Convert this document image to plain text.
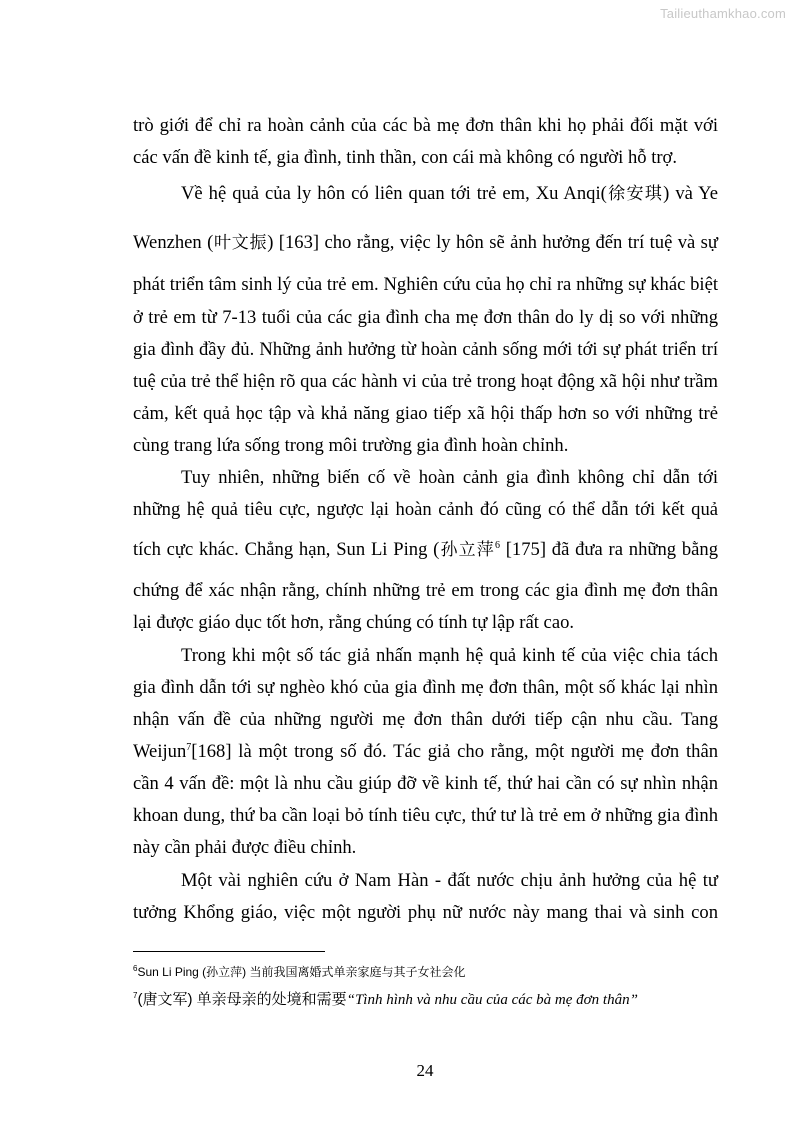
Tailieuthamkhao.com
trò giới để chỉ ra hoàn cảnh của các bà mẹ đơn thân khi họ phải đối mặt với
các vấn đề kinh tế, gia đình, tinh thần, con cái mà không có người hỗ trợ.
Về hệ quả của ly hôn có liên quan tới trẻ em, Xu Anqi(徐安琪) và Ye
Wenzhen (叶文振) [163] cho rằng, việc ly hôn sẽ ảnh hưởng đến trí tuệ và sự
phát triển tâm sinh lý của trẻ em. Nghiên cứu của họ chỉ ra những sự khác biệt
ở trẻ em từ 7-13 tuổi của các gia đình cha mẹ đơn thân do ly dị so với những
gia đình đầy đủ. Những ảnh hưởng từ hoàn cảnh sống mới tới sự phát triển trí
tuệ của trẻ thể hiện rõ qua các hành vi của trẻ trong hoạt động xã hội như trầm
cảm, kết quả học tập và khả năng giao tiếp xã hội thấp hơn so với những trẻ
cùng trang lứa sống trong môi trường gia đình hoàn chỉnh.
Tuy nhiên, những biến cố về hoàn cảnh gia đình không chỉ dẫn tới
những hệ quả tiêu cực, ngược lại hoàn cảnh đó cũng có thể dẫn tới kết quả
tích cực khác. Chẳng hạn, Sun Li Ping (孙立萍$^6$ [175] đã đưa ra những bằng
chứng để xác nhận rằng, chính những trẻ em trong các gia đình mẹ đơn thân
lại được giáo dục tốt hơn, rằng chúng có tính tự lập rất cao.
Trong khi một số tác giả nhấn mạnh hệ quả kinh tế của việc chia tách
gia đình dẫn tới sự nghèo khó của gia đình mẹ đơn thân, một số khác lại nhìn
nhận vấn đề của những người mẹ đơn thân dưới tiếp cận nhu cầu. Tang
Weijun$^7$[168] là một trong số đó. Tác giả cho rằng, một người mẹ đơn thân
cần 4 vấn đề: một là nhu cầu giúp đỡ về kinh tế, thứ hai cần có sự nhìn nhận
khoan dung, thứ ba cần loại bỏ tính tiêu cực, thứ tư là trẻ em ở những gia đình
này cần phải được điều chỉnh.
Một vài nghiên cứu ở Nam Hàn - đất nước chịu ảnh hưởng của hệ tư
tưởng Khổng giáo, việc một người phụ nữ nước này mang thai và sinh con
$^6$Sun Li Ping (孙立萍) 当前我国离婚式单亲家庭与其子女社会化
$^7$(唐文军) 单亲母亲的处境和需要“Tình hình và nhu cầu của các bà mẹ đơn thân”
24
